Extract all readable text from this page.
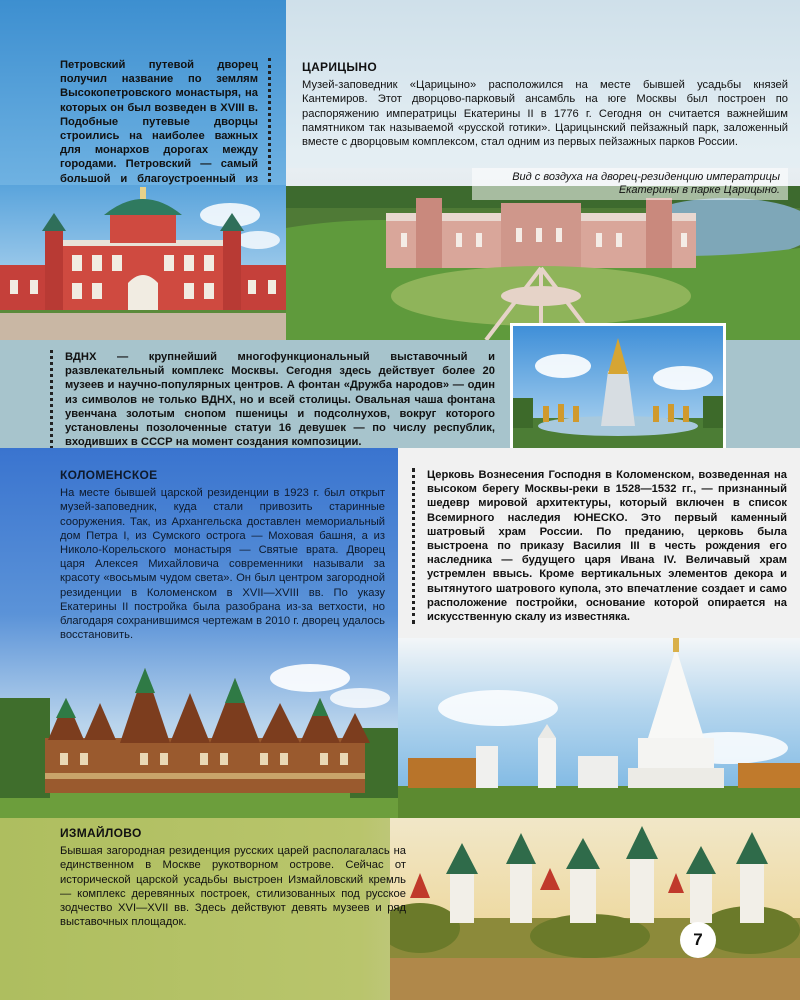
Петровский путевой дворец получил название по землям Высокопетровского монастыря, на которых он был возведен в XVIII в. Подобные путевые дворцы строились на наиболее важных для монархов дорогах между городами. Петровский — самый большой и благоустроенный из
ЦАРИЦЫНО
Музей-заповедник «Царицыно» расположился на месте бывшей усадьбы князей Кантемиров. Этот дворцово-парковый ансамбль на юге Москвы был построен по распоряжению императрицы Екатерины II в 1776 г. Сегодня он считается важнейшим памятником так называемой «русской готики». Царицынский пейзажный парк, заложенный вместе с дворцовым комплексом, стал одним из первых пейзажных парков России.
Вид с воздуха на дворец-резиденцию императрицы Екатерины в парке Царицыно.
ВДНХ — крупнейший многофункциональный выставочный и развлекательный комплекс Москвы. Сегодня здесь действует более 20 музеев и научно-популярных центров. А фонтан «Дружба народов» — один из символов не только ВДНХ, но и всей столицы. Овальная чаша фонтана увенчана золотым снопом пшеницы и подсолнухов, вокруг которого установлены позолоченные статуи 16 девушек — по числу республик, входивших в СССР на момент создания композиции.
КОЛОМЕНСКОЕ
На месте бывшей царской резиденции в 1923 г. был открыт музей-заповедник, куда стали привозить старинные сооружения. Так, из Архангельска доставлен мемориальный дом Петра I, из Сумского острога — Моховая башня, а из Николо-Корельского монастыря — Святые врата. Дворец царя Алексея Михайловича современники называли за красоту «восьмым чудом света». Он был центром загородной резиденции в Коломенском в XVII—XVIII вв. По указу Екатерины II постройка была разобрана из-за ветхости, но благодаря сохранившимся чертежам в 2010 г. дворец удалось восстановить.
Церковь Вознесения Господня в Коломенском, возведенная на высоком берегу Москвы-реки в 1528—1532 гг., — признанный шедевр мировой архитектуры, который включен в список Всемирного наследия ЮНЕСКО. Это первый каменный шатровый храм России. По преданию, церковь была выстроена по приказу Василия III в честь рождения его наследника — будущего царя Ивана IV. Величавый храм устремлен ввысь. Кроме вертикальных элементов декора и вытянутого шатрового купола, это впечатление создает и само расположение постройки, основание которой опирается на искусственную скалу из известняка.
ИЗМАЙЛОВО
Бывшая загородная резиденция русских царей располагалась на единственном в Москве рукотворном острове. Сейчас от исторической царской усадьбы выстроен Измайловский кремль — комплекс деревянных построек, стилизованных под русское зодчество XVI—XVII вв. Здесь действуют девять музеев и ряд выставочных площадок.
7
